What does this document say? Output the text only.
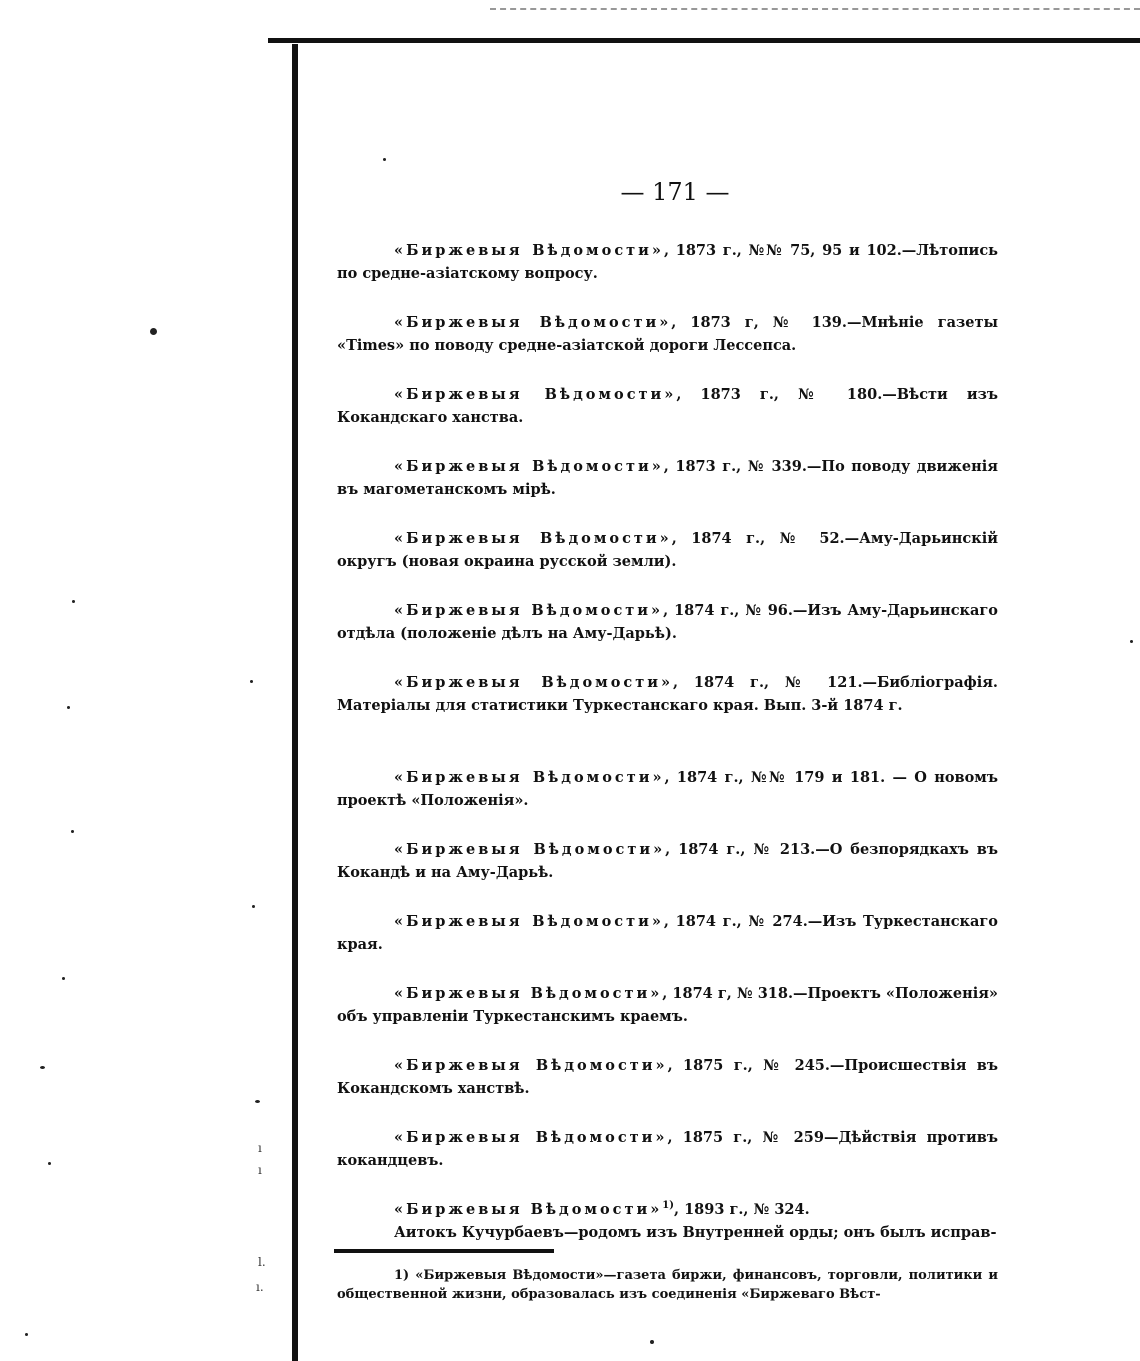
ı
ı
l.
ı.
— 171 —

«Биржевыя Вѣдомости», 1873 г., №№ 75, 95 и 102.—Лѣтопись по средне-азiатскому вопросу.

«Биржевыя Вѣдомости», 1873 г, № 139.—Мнѣнiе газеты «Тimes» по поводу средне-азiатской дороги Лессепса.

«Биржевыя Вѣдомости», 1873 г., № 180.—Вѣсти изъ Кокандскаго ханства.

«Биржевыя Вѣдомости», 1873 г., № 339.—По поводу движенiя въ магометанскомъ мiрѣ.

«Биржевыя Вѣдомости», 1874 г., № 52.—Аму-Дарьинскiй округъ (новая окраина русской земли).

«Биржевыя Вѣдомости», 1874 г., № 96.—Изъ Аму-Дарьинскаго отдѣла (положенiе дѣлъ на Аму-Дарьѣ).

«Биржевыя Вѣдомости», 1874 г., № 121.—Библiографiя. Матерiалы для статистики Туркестанскаго края. Вып. 3-й 1874 г.

«Биржевыя Вѣдомости», 1874 г., №№ 179 и 181. — О новомъ проектѣ «Положенiя».

«Биржевыя Вѣдомости», 1874 г., № 213.—О безпорядкахъ въ Кокандѣ и на Аму-Дарьѣ.

«Биржевыя Вѣдомости», 1874 г., № 274.—Изъ Туркестанскаго края.

«Биржевыя Вѣдомости», 1874 г, № 318.—Проектъ «Положенiя» объ управленiи Туркестанскимъ краемъ.

«Биржевыя Вѣдомости», 1875 г., № 245.—Происшествiя въ Кокандскомъ ханствѣ.

«Биржевыя Вѣдомости», 1875 г., № 259—Дѣйствiя противъ кокандцевъ.

«Биржевыя Вѣдомости»$^{1)}$, 1893 г., № 324.
Аитокъ Кучурбаевъ—родомъ изъ Внутренней орды; онъ былъ исправ-
1) «Биржевыя Вѣдомости»—газета биржи, финансовъ, торговли, политики и общественной жизни, образовалась изъ соединенiя «Биржеваго Вѣст-
